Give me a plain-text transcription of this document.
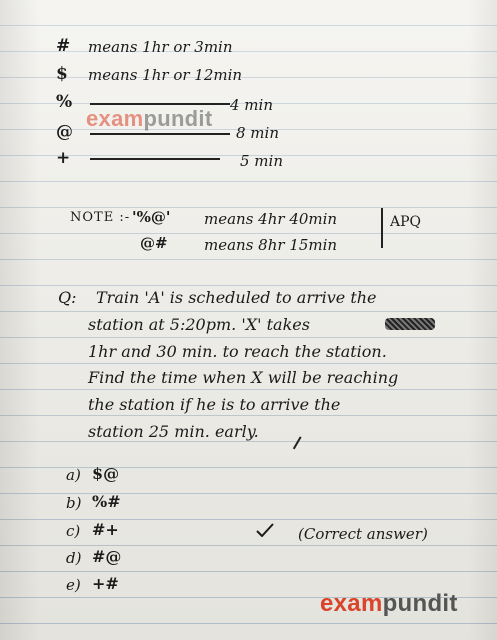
# means 1hr or 3min
$ means 1hr or 12min
%	4 min
@	8 min
+	5 min
exampundit
NOTE :- '%@' means 4hr 40min
@# means 8hr 15min
APQ
Q: Train 'A' is scheduled to arrive the
station at 5:20pm. 'X' takes
1hr and 30 min. to reach the station.
Find the time when X will be reaching
the station if he is to arrive the
station 25 min. early.
a) $@
b) %#
c) #+	(Correct answer)
d) #@
e) +#
exampundit
